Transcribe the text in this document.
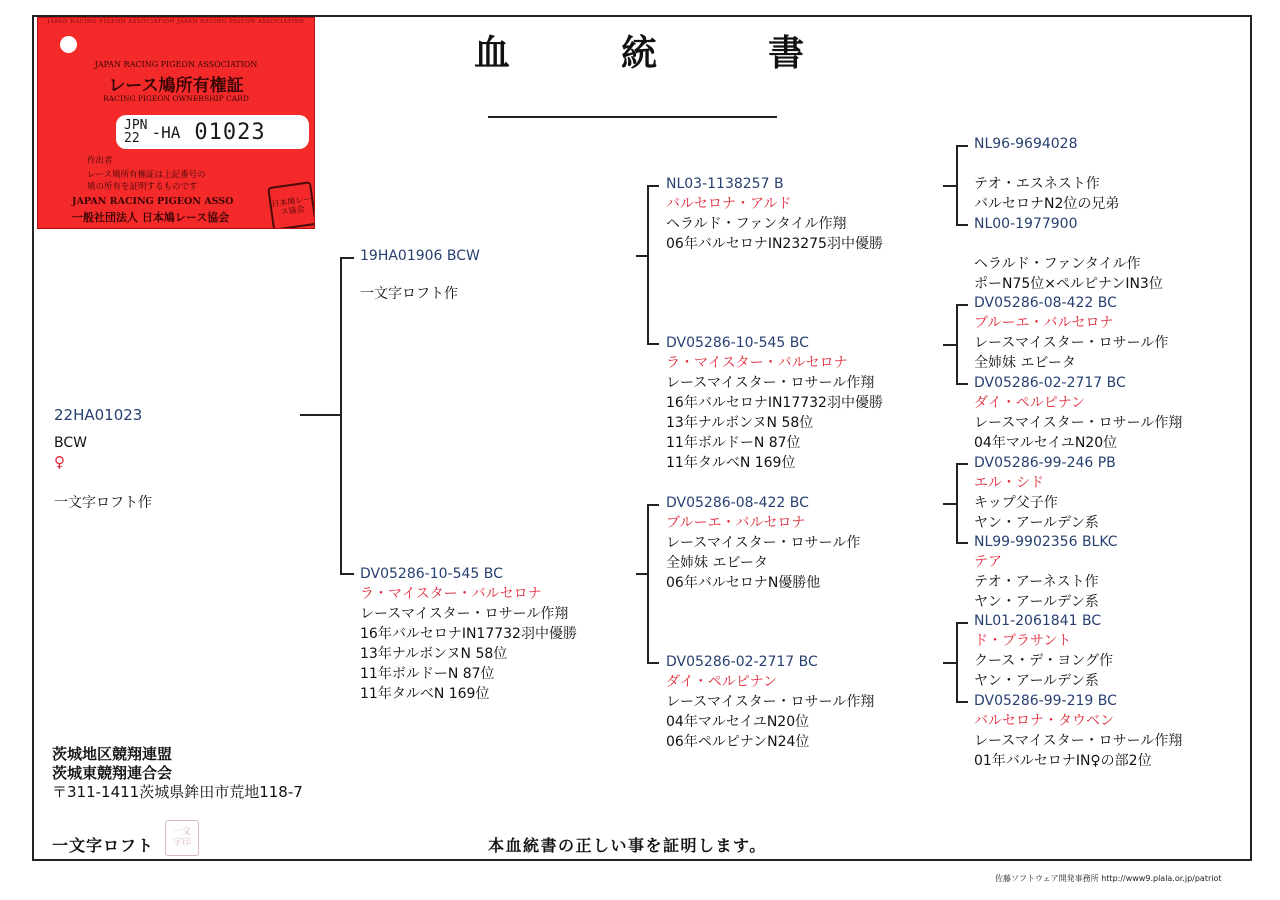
血	統	書
JAPAN RACING PIGEON ASSOCIATION JAPAN RACING PIGEON ASSOCIATION
JAPAN RACING PIGEON ASSOCIATION
レース鳩所有権証
RACING PIGEON OWNERSHIP CARD
JPN
22 -HA 01023
作出者
レース鳩所有権証は上記番号の
鳩の所有を証明するものです
JAPAN RACING PIGEON ASSO
一般社団法人 日本鳩レース協会
日本鳩レース協会
22HA01023
BCW
♀
一文字ロフト作
19HA01906 BCW
一文字ロフト作
DV05286-10-545 BC
ラ・マイスター・バルセロナ
レースマイスター・ロサール作翔
16年バルセロナIN17732羽中優勝
13年ナルボンヌN 58位
11年ボルドーN 87位
11年タルベN 169位
NL03-1138257 B
バルセロナ・アルド
ヘラルド・ファンタイル作翔
06年バルセロナIN23275羽中優勝
DV05286-10-545 BC
ラ・マイスター・バルセロナ
レースマイスター・ロサール作翔
16年バルセロナIN17732羽中優勝
13年ナルボンヌN 58位
11年ボルドーN 87位
11年タルベN 169位
DV05286-08-422 BC
ブルーエ・バルセロナ
レースマイスター・ロサール作
全姉妹 エビータ
06年バルセロナN優勝他
DV05286-02-2717 BC
ダイ・ペルピナン
レースマイスター・ロサール作翔
04年マルセイユN20位
06年ペルピナンN24位
NL96-9694028
テオ・エスネスト作
バルセロナN2位の兄弟
NL00-1977900
ヘラルド・ファンタイル作
ポーN75位×ペルピナンIN3位
DV05286-08-422 BC
ブルーエ・バルセロナ
レースマイスター・ロサール作
全姉妹 エビータ
DV05286-02-2717 BC
ダイ・ペルピナン
レースマイスター・ロサール作翔
04年マルセイユN20位
DV05286-99-246 PB
エル・シド
キップ父子作
ヤン・アールデン系
NL99-9902356 BLKC
テア
テオ・アーネスト作
ヤン・アールデン系
NL01-2061841 BC
ド・ブラサント
クース・デ・ヨング作
ヤン・アールデン系
DV05286-99-219 BC
バルセロナ・タウベン
レースマイスター・ロサール作翔
01年バルセロナIN♀の部2位
茨城地区競翔連盟
茨城東競翔連合会
〒311-1411茨城県鉾田市荒地118-7
一文字ロフト
一文
字印	本血統書の正しい事を証明します。
佐藤ソフトウェア開発事務所 http://www9.plala.or.jp/patriot
